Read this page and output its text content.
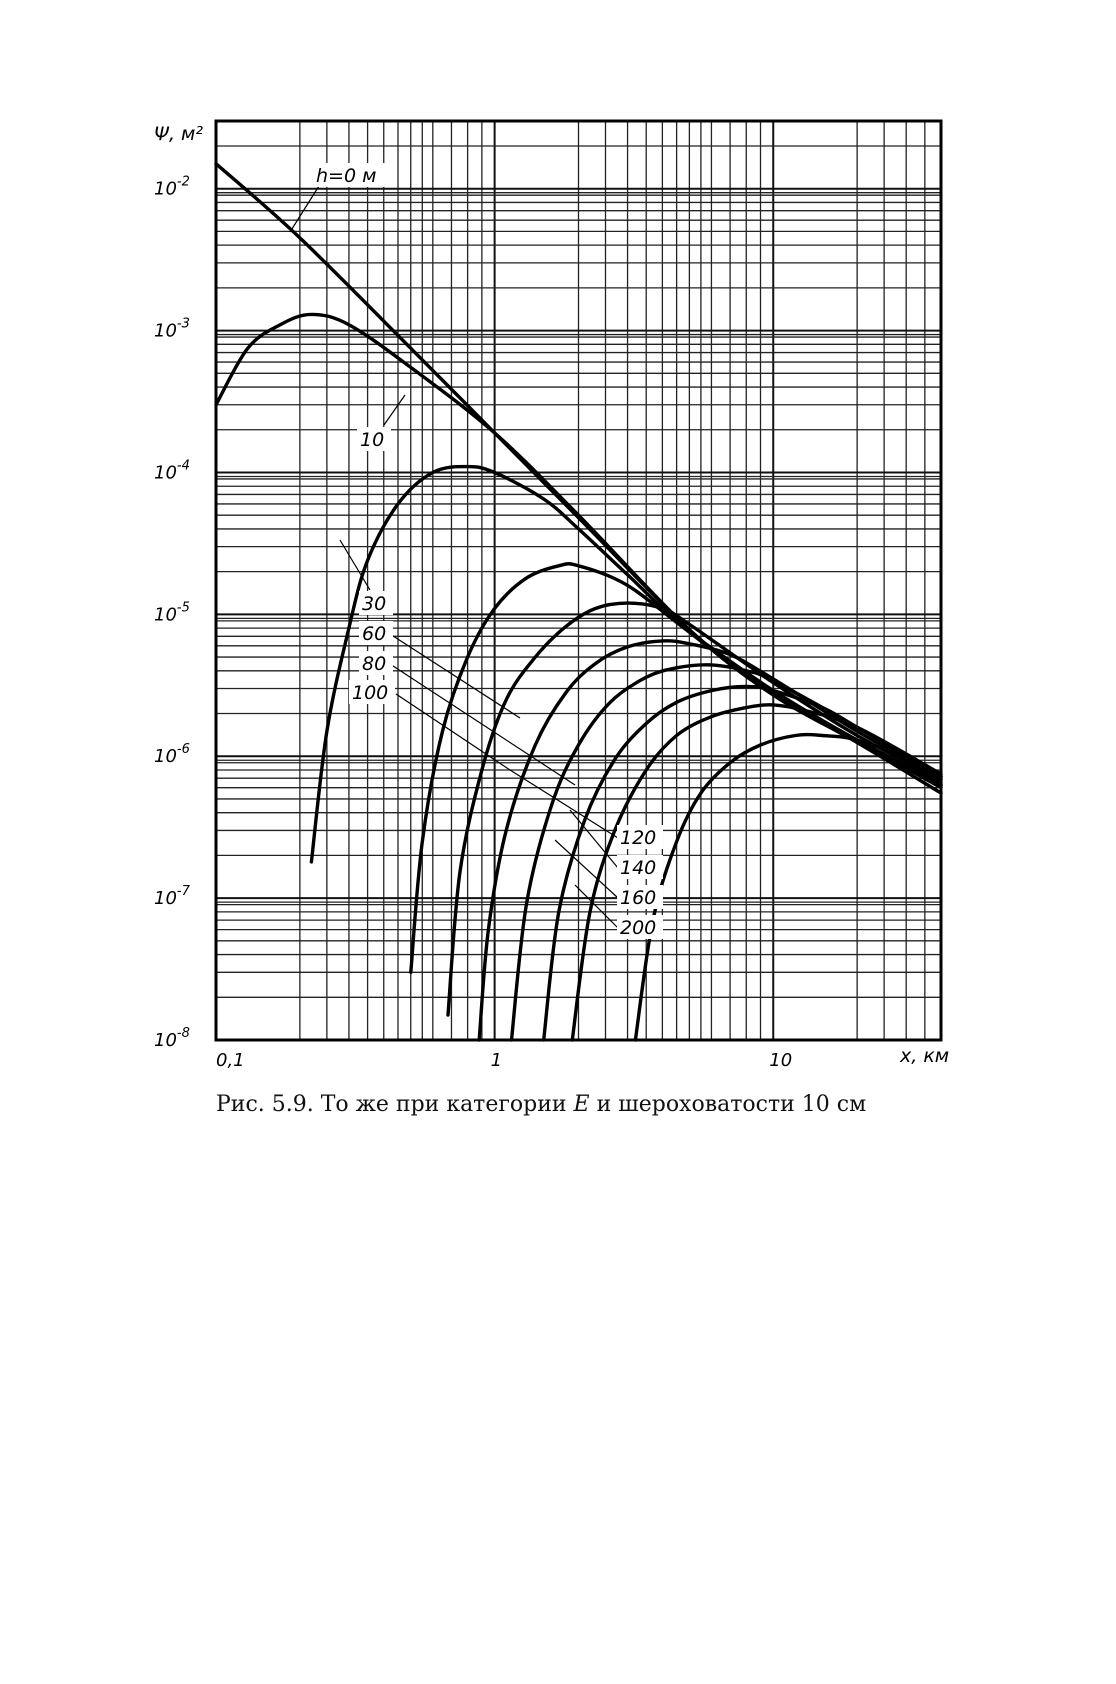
h=0 м
10
30
60
80
100
120
140
160
200
0,1	1	10
$10^{-2}$
$10^{-3}$
$10^{-4}$
$10^{-5}$
$10^{-6}$
$10^{-7}$
$10^{-8}$
Ψ, м²
x, км
Рис. 5.9. То же при категории E и шероховатости 10 см
